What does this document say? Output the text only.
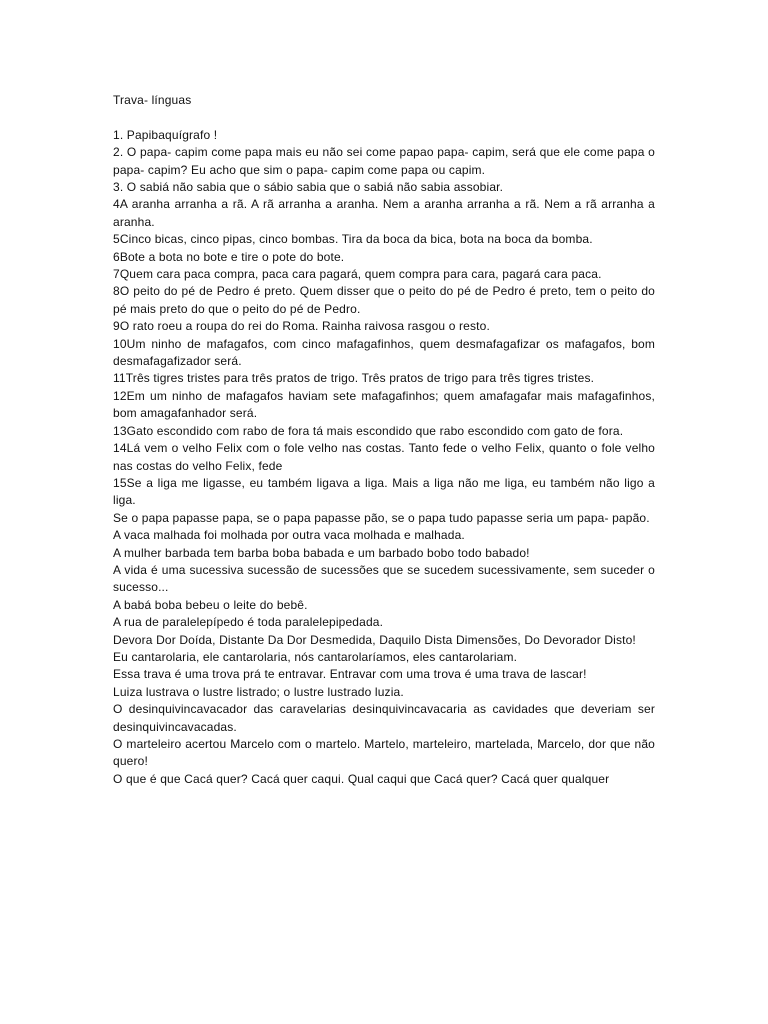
Trava- línguas

1. Papibaquígrafo !

2. O papa- capim come papa mais eu não sei come papao papa- capim, será que ele come papa o papa- capim? Eu acho que sim o papa- capim come papa ou capim.

3. O sabiá não sabia que o sábio sabia que o sabiá não sabia assobiar.

4A aranha arranha a rã. A rã arranha a aranha. Nem a aranha arranha a rã. Nem a rã arranha a aranha.

5Cinco bicas, cinco pipas, cinco bombas. Tira da boca da bica, bota na boca da bomba.

6Bote a bota no bote e tire o pote do bote.

7Quem cara paca compra, paca cara pagará, quem compra para cara, pagará cara paca.

8O peito do pé de Pedro é preto. Quem disser que o peito do pé de Pedro é preto, tem o peito do pé mais preto do que o peito do pé de Pedro.

9O rato roeu a roupa do rei do Roma. Rainha raivosa rasgou o resto.

10Um ninho de mafagafos, com cinco mafagafinhos, quem desmafagafizar os mafagafos, bom desmafagafizador será.

11Três tigres tristes para três pratos de trigo. Três pratos de trigo para três tigres tristes.

12Em um ninho de mafagafos haviam sete mafagafinhos; quem amafagafar mais mafagafinhos, bom amagafanhador será.

13Gato escondido com rabo de fora tá mais escondido que rabo escondido com gato de fora.

14Lá vem o velho Felix com o fole velho nas costas. Tanto fede o velho Felix, quanto o fole velho nas costas do velho Felix, fede

15Se a liga me ligasse, eu também ligava a liga. Mais a liga não me liga, eu também não ligo a liga.

Se o papa papasse papa, se o papa papasse pão, se o papa tudo papasse seria um papa- papão.

A vaca malhada foi molhada por outra vaca molhada e malhada.

A mulher barbada tem barba boba babada e um barbado bobo todo babado!

A vida é uma sucessiva sucessão de sucessões que se sucedem sucessivamente, sem suceder o sucesso...

A babá boba bebeu o leite do bebê.

A rua de paralelepípedo é toda paralelepipedada.

Devora Dor Doída, Distante Da Dor Desmedida, Daquilo Dista Dimensões, Do Devorador Disto!

Eu cantarolaria, ele cantarolaria, nós cantarolaríamos, eles cantarolariam.

Essa trava é uma trova prá te entravar. Entravar com uma trova é uma trava de lascar!

Luiza lustrava o lustre listrado; o lustre lustrado luzia.

O desinquivincavacador das caravelarias desinquivincavacaria as cavidades que deveriam ser desinquivincavacadas.

O marteleiro acertou Marcelo com o martelo. Martelo, marteleiro, martelada, Marcelo, dor que não quero!

O que é que Cacá quer? Cacá quer caqui. Qual caqui que Cacá quer? Cacá quer qualquer
